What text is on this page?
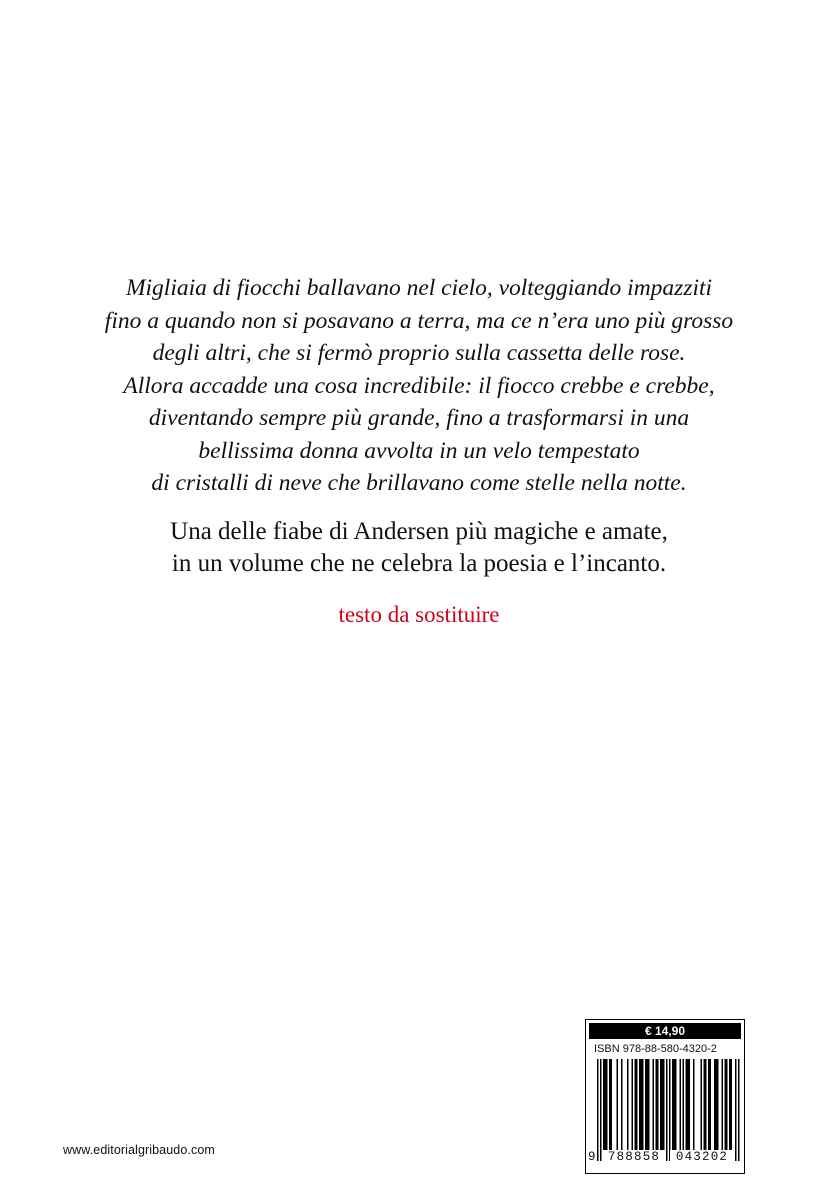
Migliaia di fiocchi ballavano nel cielo, volteggiando impazziti
fino a quando non si posavano a terra, ma ce n’era uno più grosso
degli altri, che si fermò proprio sulla cassetta delle rose.
Allora accadde una cosa incredibile: il fiocco crebbe e crebbe,
diventando sempre più grande, fino a trasformarsi in una
bellissima donna avvolta in un velo tempestato
di cristalli di neve che brillavano come stelle nella notte.
Una delle fiabe di Andersen più magiche e amate,
in un volume che ne celebra la poesia e l’incanto.
testo da sostituire
www.editorialgribaudo.com
€ 14,90
ISBN 978-88-580-4320-2
9 788858	043202
